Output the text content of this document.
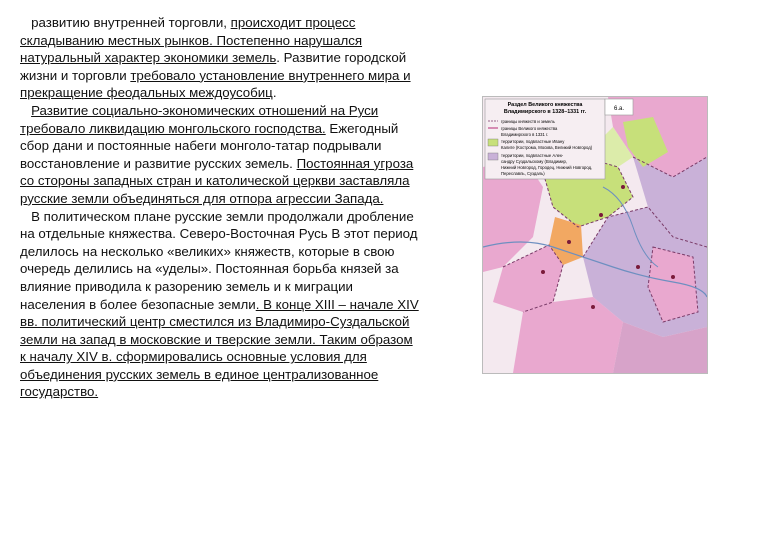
развитию внутренней торговли, происходит процесс складыванию местных рынков. Постепенно нарушался натуральный характер экономики земель. Развитие городской жизни и торговли требовало установление внутреннего мира и прекращение феодальных междоусобиц.

Развитие социально-экономических отношений на Руси требовало ликвидацию монгольского господства. Ежегодный сбор дани и постоянные набеги монголо-татар подрывали восстановление и развитие русских земель. Постоянная угроза со стороны западных стран и католической церкви заставляла русские земли объединяться для отпора агрессии Запада.

В политическом плане русские земли продолжали дробление на отдельные княжества. Северо-Восточная Русь В этот период делилось на несколько «великих» княжеств, которые в свою очередь делились на «уделы». Постоянная борьба князей за влияние приводила к разорению земель и к миграции населения в более безопасные земли. В конце XIII – начале XIV вв. политический центр сместился из Владимиро-Суздальской земли на запад в московские и тверские земли. Таким образом к началу XIV в. сформировались основные условия для объединения русских земель в единое централизованное государство.

6.а.
Раздел Великого княжества
Владимирского в 1328–1331 гг.
границы княжеств и земель
границы Великого княжества
Владимирского в 1331 г.
территории, подвластные Ивану
Калите (Кострома, Москва, Великий Новгород)
территории, подвластные Алек-
сандру Суздальскому (Владимир,
Нижний Новгород, Городец, Нижний Новгород,
Переславль, Суздаль)
